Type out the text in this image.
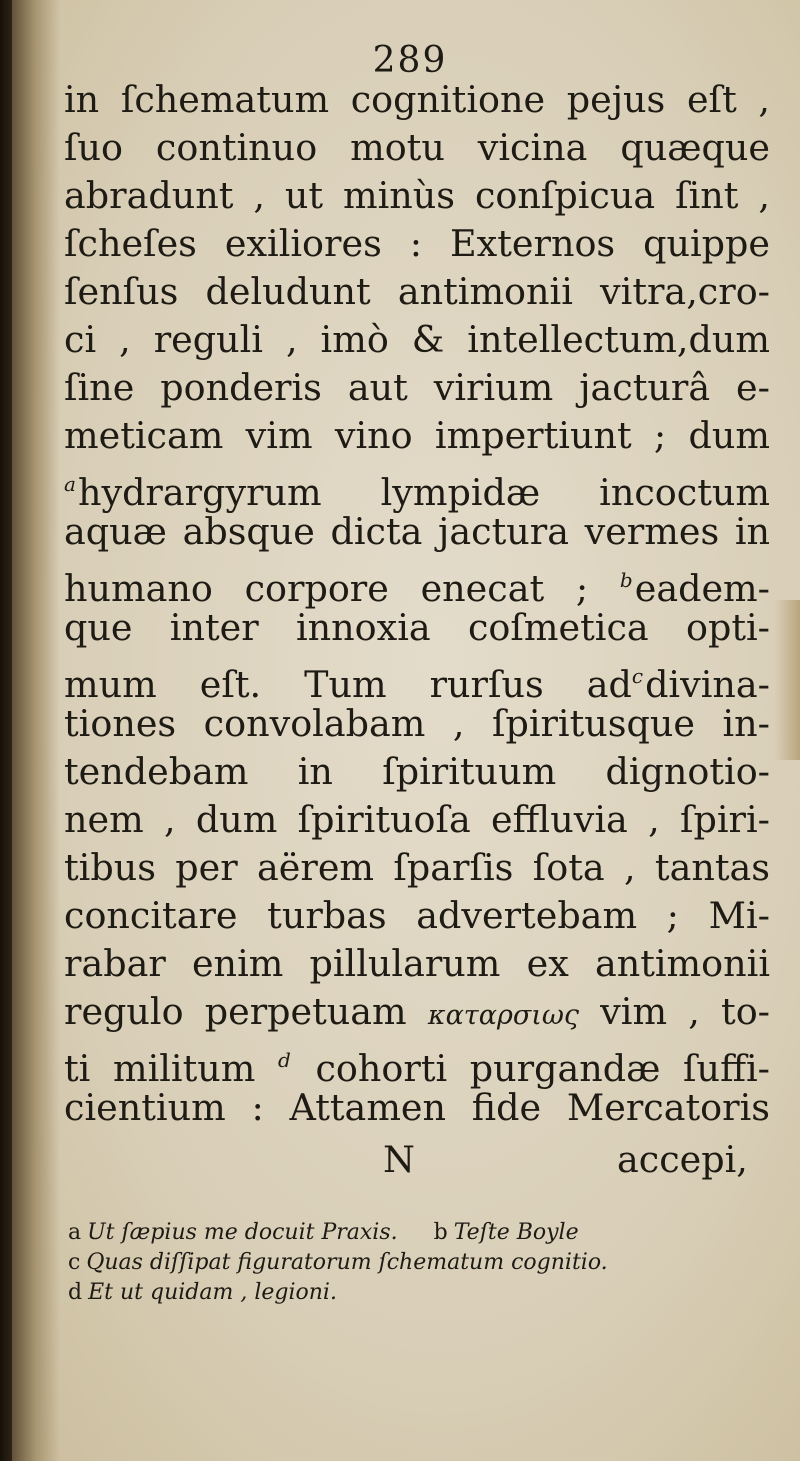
289
in ſchematum cognitione pejus eſt ,
ſuo continuo motu vicina quæque
abradunt , ut minùs conſpicua ſint ,
ſcheſes exiliores : Externos quippe
ſenſus deludunt antimonii vitra,cro-
ci , reguli , imò & intellectum,dum
ſine ponderis aut virium jacturâ e-
meticam vim vino impertiunt ; dum
$^a$hydrargyrum lympidæ incoctum
aquæ absque dicta jactura vermes in
humano corpore enecat ; $^b$eadem-
que inter innoxia coſmetica opti-
mum eſt. Tum rurſus ad$^c$divina-
tiones convolabam , ſpiritusque in-
tendebam in ſpirituum dignotio-
nem , dum ſpirituoſa effluvia , ſpiri-
tibus per aërem ſparſis ſota , tantas
concitare turbas advertebam ; Mi-
rabar enim pillularum ex antimonii
regulo perpetuam καταρσιως vim , to-
ti militum $^d$ cohorti purgandæ ſuffi-
cientium : Attamen fide Mercatoris
N	accepi,
a Ut ſæpius me docuit Praxis. b Teſte Boyle
c Quas diſſipat figuratorum ſchematum cognitio.
d Et ut quidam , legioni.
